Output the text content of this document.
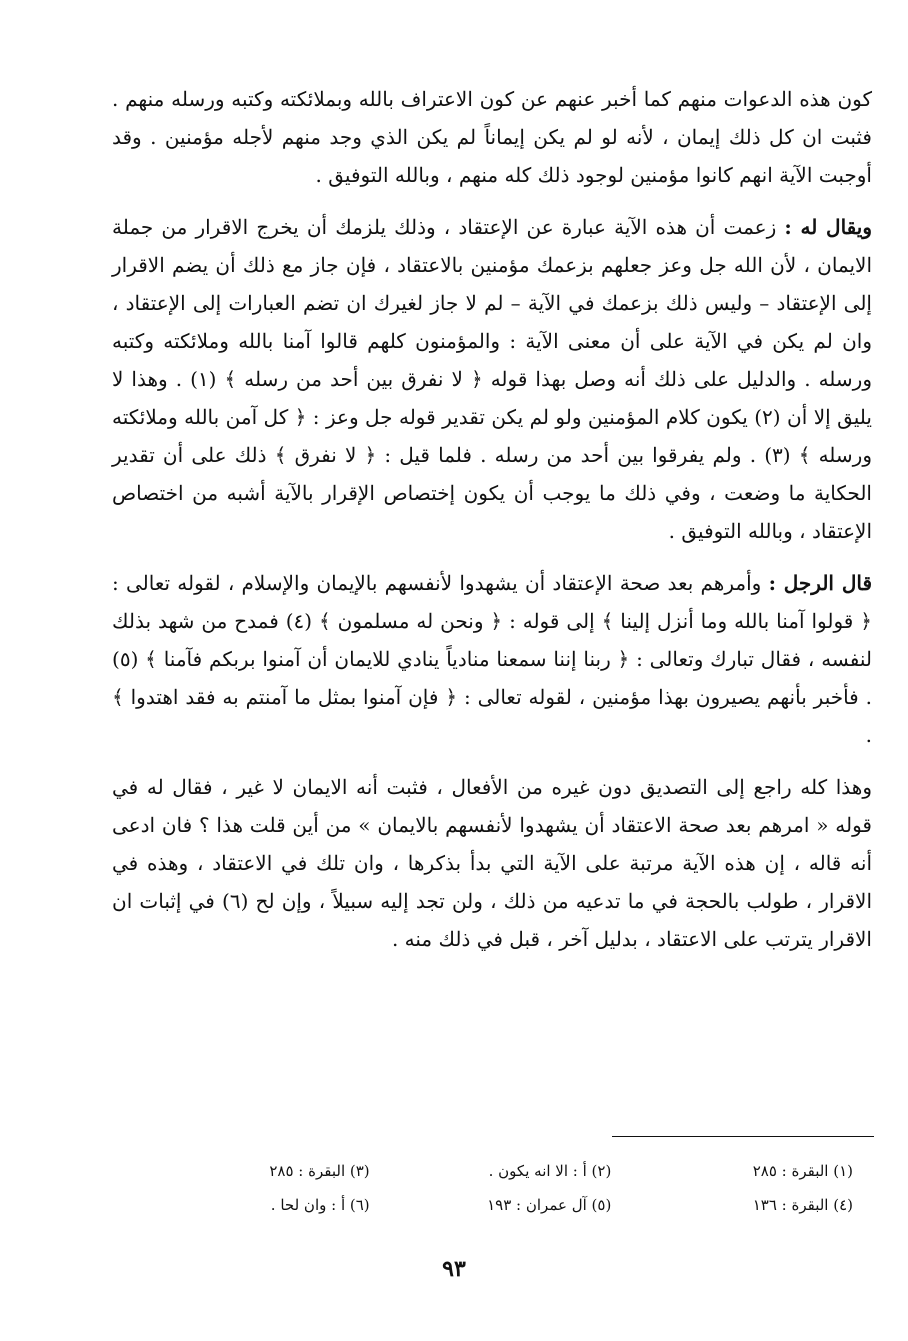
كون هذه الدعوات منهم كما أخبر عنهم عن كون الاعتراف بالله وبملائكته وكتبه ورسله منهم . فثبت ان كل ذلك إيمان ، لأنه لو لم يكن إيماناً لم يكن الذي وجد منهم لأجله مؤمنين . وقد أوجبت الآية انهم كانوا مؤمنين لوجود ذلك كله منهم ، وبالله التوفيق .

ويقال له : زعمت أن هذه الآية عبارة عن الإعتقاد ، وذلك يلزمك أن يخرج الاقرار من جملة الايمان ، لأن الله جل وعز جعلهم بزعمك مؤمنين بالاعتقاد ، فإن جاز مع ذلك أن يضم الاقرار إلى الإعتقاد – وليس ذلك بزعمك في الآية – لم لا جاز لغيرك ان تضم العبارات إلى الإعتقاد ، وان لم يكن في الآية على أن معنى الآية : والمؤمنون كلهم قالوا آمنا بالله وملائكته وكتبه ورسله . والدليل على ذلك أنه وصل بهذا قوله ﴿ لا نفرق بين أحد من رسله ﴾ (١) . وهذا لا يليق إلا أن (٢) يكون كلام المؤمنين ولو لم يكن تقدير قوله جل وعز : ﴿ كل آمن بالله وملائكته ورسله ﴾ (٣) . ولم يفرقوا بين أحد من رسله . فلما قيل : ﴿ لا نفرق ﴾ ذلك على أن تقدير الحكاية ما وضعت ، وفي ذلك ما يوجب أن يكون إختصاص الإقرار بالآية أشبه من اختصاص الإعتقاد ، وبالله التوفيق .

قال الرجل : وأمرهم بعد صحة الإعتقاد أن يشهدوا لأنفسهم بالإيمان والإسلام ، لقوله تعالى : ﴿ قولوا آمنا بالله وما أنزل إلينا ﴾ إلى قوله : ﴿ ونحن له مسلمون ﴾ (٤) فمدح من شهد بذلك لنفسه ، فقال تبارك وتعالى : ﴿ ربنا إننا سمعنا منادياً ينادي للايمان أن آمنوا بربكم فآمنا ﴾ (٥) . فأخبر بأنهم يصيرون بهذا مؤمنين ، لقوله تعالى : ﴿ فإن آمنوا بمثل ما آمنتم به فقد اهتدوا ﴾ .

وهذا كله راجع إلى التصديق دون غيره من الأفعال ، فثبت أنه الايمان لا غير ، فقال له في قوله « امرهم بعد صحة الاعتقاد أن يشهدوا لأنفسهم بالايمان » من أين قلت هذا ؟ فان ادعى أنه قاله ، إن هذه الآية مرتبة على الآية التي بدأ بذكرها ، وان تلك في الاعتقاد ، وهذه في الاقرار ، طولب بالحجة في ما تدعيه من ذلك ، ولن تجد إليه سبيلاً ، وإن لح (٦) في إثبات ان الاقرار يترتب على الاعتقاد ، بدليل آخر ، قبل في ذلك منه .

(١) البقرة : ٢٨٥
(٢) أ : الا انه يكون .
(٣) البقرة : ٢٨٥
(٤) البقرة : ١٣٦
(٥) آل عمران : ١٩٣
(٦) أ : وان لحا .
٩٣
